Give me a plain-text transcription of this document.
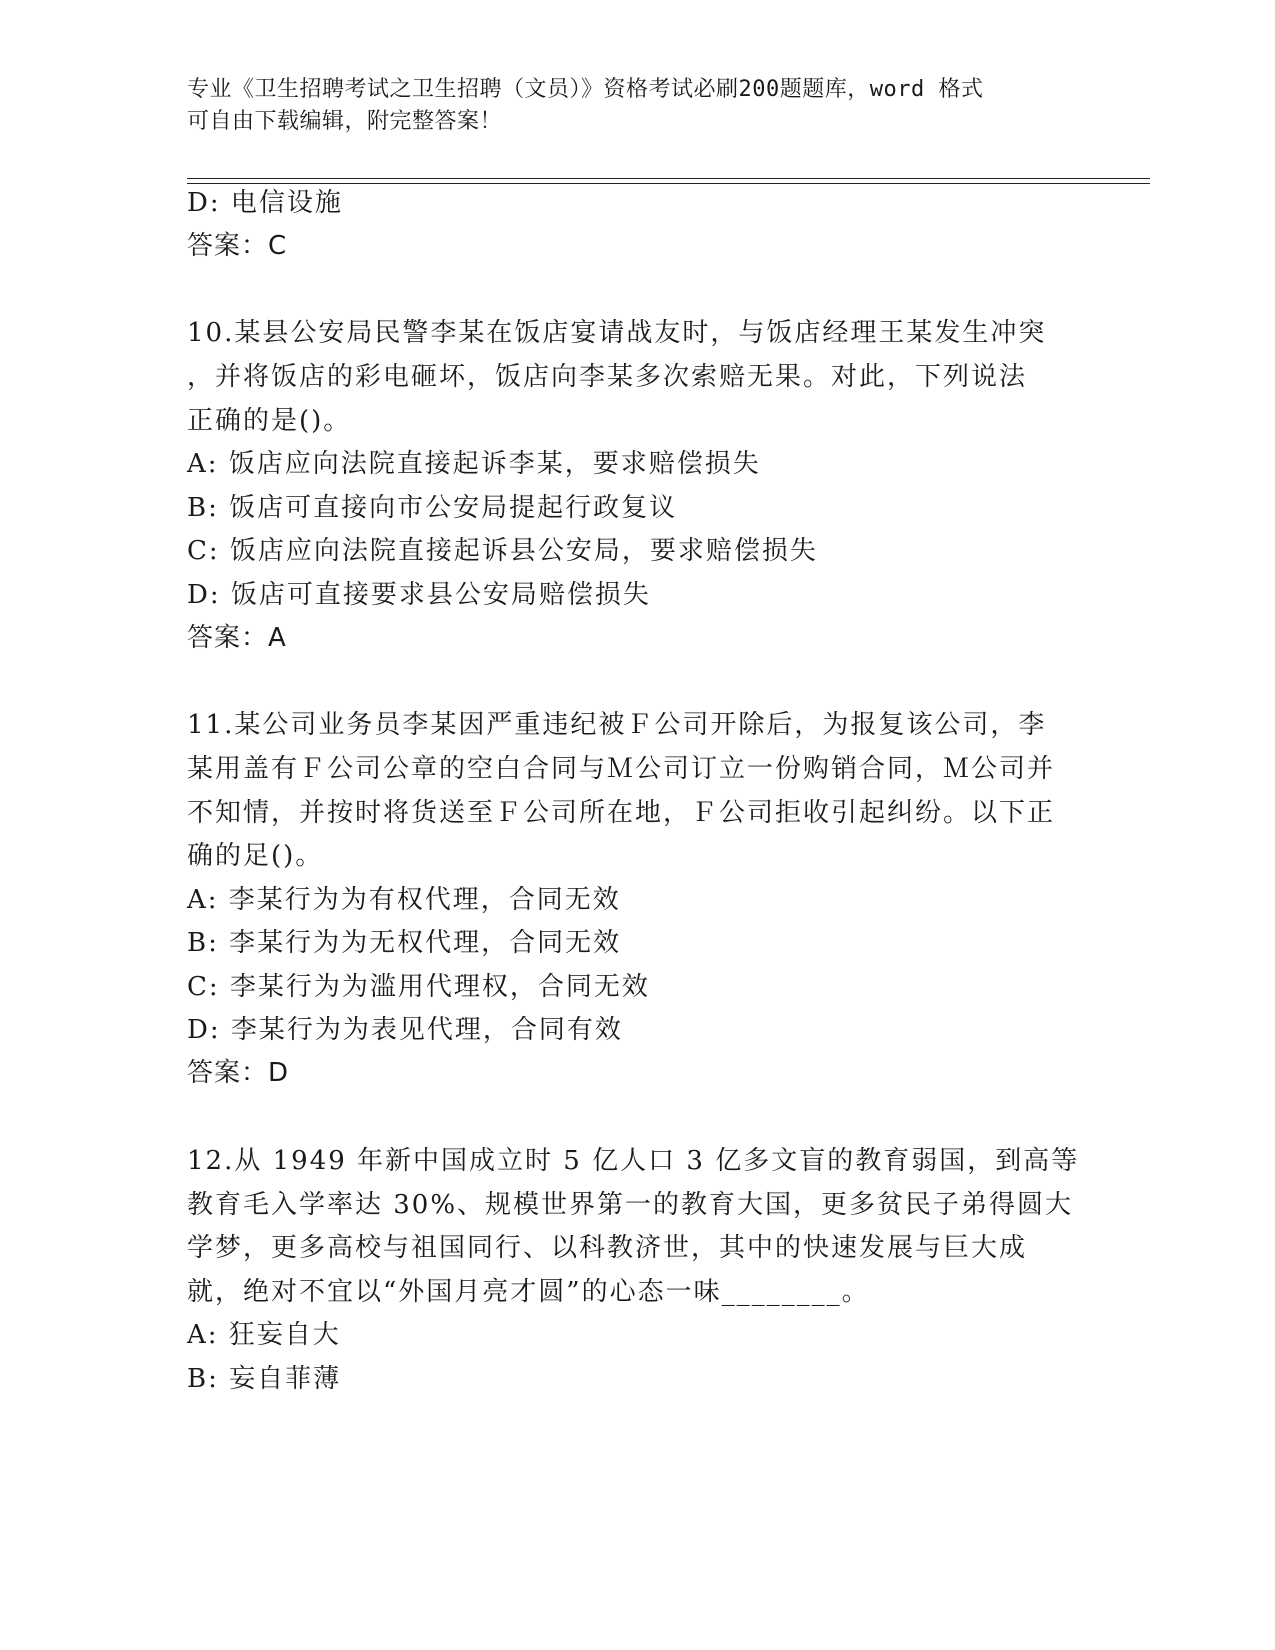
专业《卫生招聘考试之卫生招聘（文员）》资格考试必刷200题题库，word 格式
可自由下载编辑，附完整答案！
D: 电信设施
答案：C
10.某县公安局民警李某在饭店宴请战友时，与饭店经理王某发生冲突
，并将饭店的彩电砸坏，饭店向李某多次索赔无果。对此，下列说法
正确的是()。
A: 饭店应向法院直接起诉李某，要求赔偿损失
B: 饭店可直接向市公安局提起行政复议
C: 饭店应向法院直接起诉县公安局，要求赔偿损失
D: 饭店可直接要求县公安局赔偿损失
答案：A
11.某公司业务员李某因严重违纪被Ｆ公司开除后，为报复该公司，李
某用盖有Ｆ公司公章的空白合同与Ｍ公司订立一份购销合同，Ｍ公司并
不知情，并按时将货送至Ｆ公司所在地，Ｆ公司拒收引起纠纷。以下正
确的足()。
A: 李某行为为有权代理，合同无效
B: 李某行为为无权代理，合同无效
C: 李某行为为滥用代理权，合同无效
D: 李某行为为表见代理，合同有效
答案：D
12.从 1949 年新中国成立时 5 亿人口 3 亿多文盲的教育弱国，到高等
教育毛入学率达 30%、规模世界第一的教育大国，更多贫民子弟得圆大
学梦，更多高校与祖国同行、以科教济世，其中的快速发展与巨大成
就，绝对不宜以“外国月亮才圆”的心态一味________。
A: 狂妄自大
B: 妄自菲薄
